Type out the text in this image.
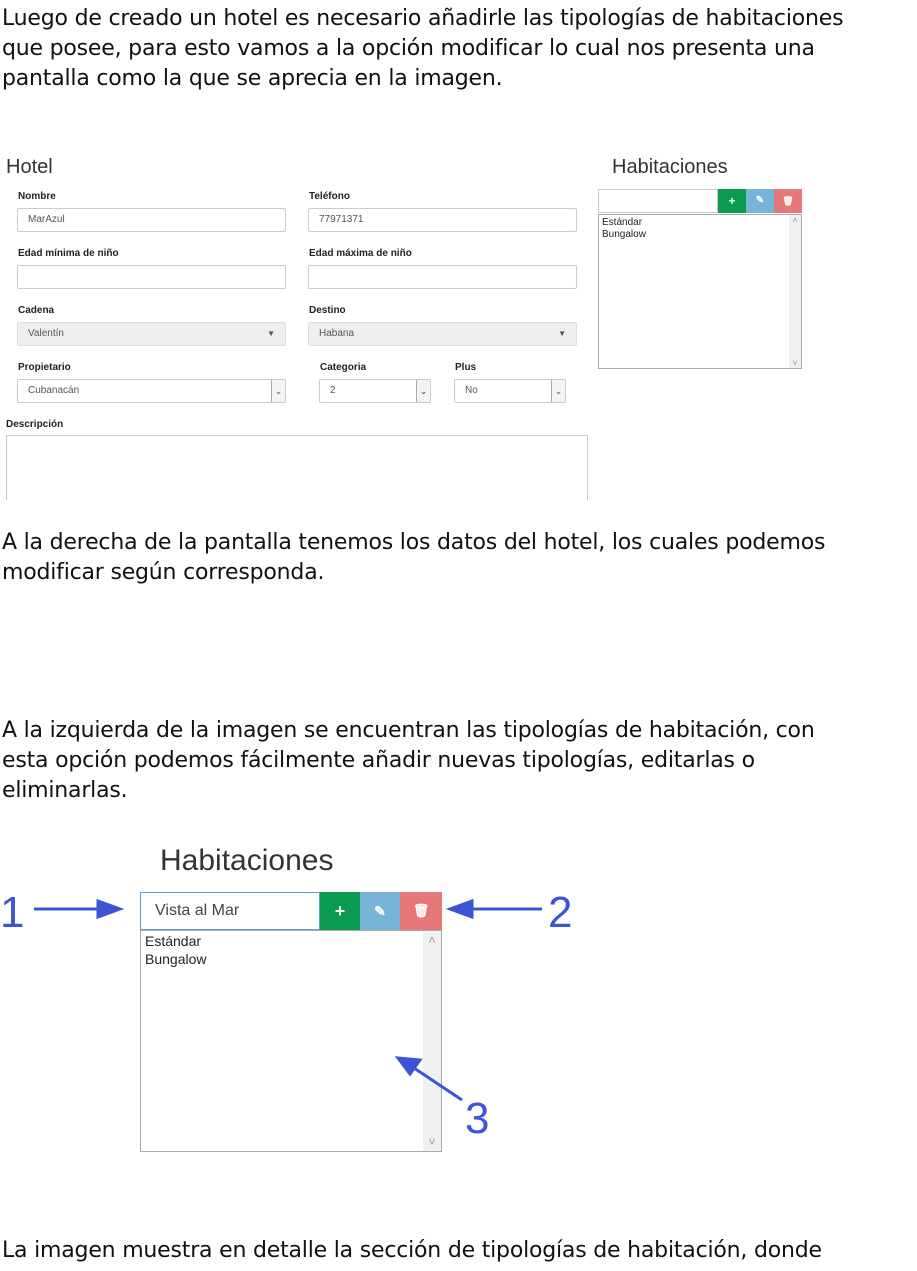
Luego de creado un hotel es necesario añadirle las tipologías de habitaciones
que posee, para esto vamos a la opción modificar lo cual nos presenta una
pantalla como la que se aprecia en la imagen.
Hotel
Nombre
MarAzul
Teléfono
77971371
Edad mínima de niño	Edad máxima de niño
Cadena
Valentín	▼
Destino
Habana	▼
Propietario
Cubanacán	⌄
Categoria
2	⌄
Plus
No	⌄
Descripción
Habitaciones
+	✎	🗑
Estándar
Bungalow
˄
˅
A la derecha de la pantalla tenemos los datos del hotel, los cuales podemos
modificar según corresponda.
A la izquierda de la imagen se encuentran las tipologías de habitación, con
esta opción podemos fácilmente añadir nuevas tipologías, editarlas o
eliminarlas.
Habitaciones
Vista al Mar	+	✎	🗑
Estándar
Bungalow
˄
˅
1	2
3
La imagen muestra en detalle la sección de tipologías de habitación, donde
